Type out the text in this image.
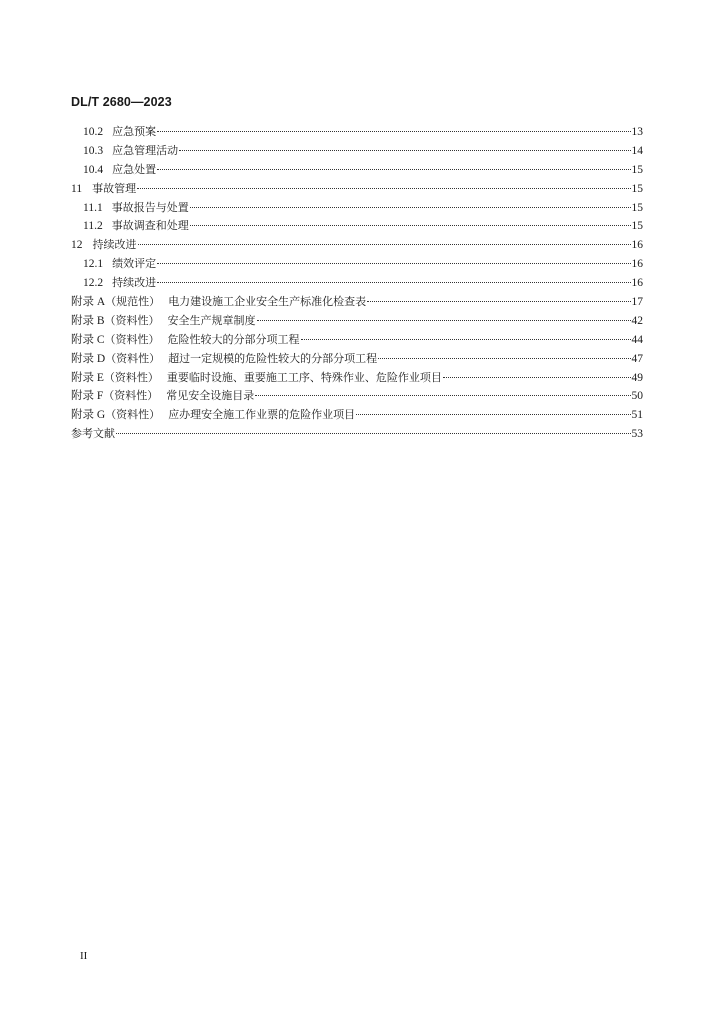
DL/T 2680—2023
10.2 应急预案	13
10.3 应急管理活动	14
10.4 应急处置	15
11 事故管理	15
11.1 事故报告与处置	15
11.2 事故调查和处理	15
12 持续改进	16
12.1 绩效评定	16
12.2 持续改进	16
附录 A （规范性） 电力建设施工企业安全生产标准化检查表	17
附录 B （资料性） 安全生产规章制度	42
附录 C （资料性） 危险性较大的分部分项工程	44
附录 D （资料性） 超过一定规模的危险性较大的分部分项工程	47
附录 E （资料性） 重要临时设施、重要施工工序、特殊作业、危险作业项目	49
附录 F （资料性） 常见安全设施目录	50
附录 G （资料性） 应办理安全施工作业票的危险作业项目	51
参考文献	53
II
